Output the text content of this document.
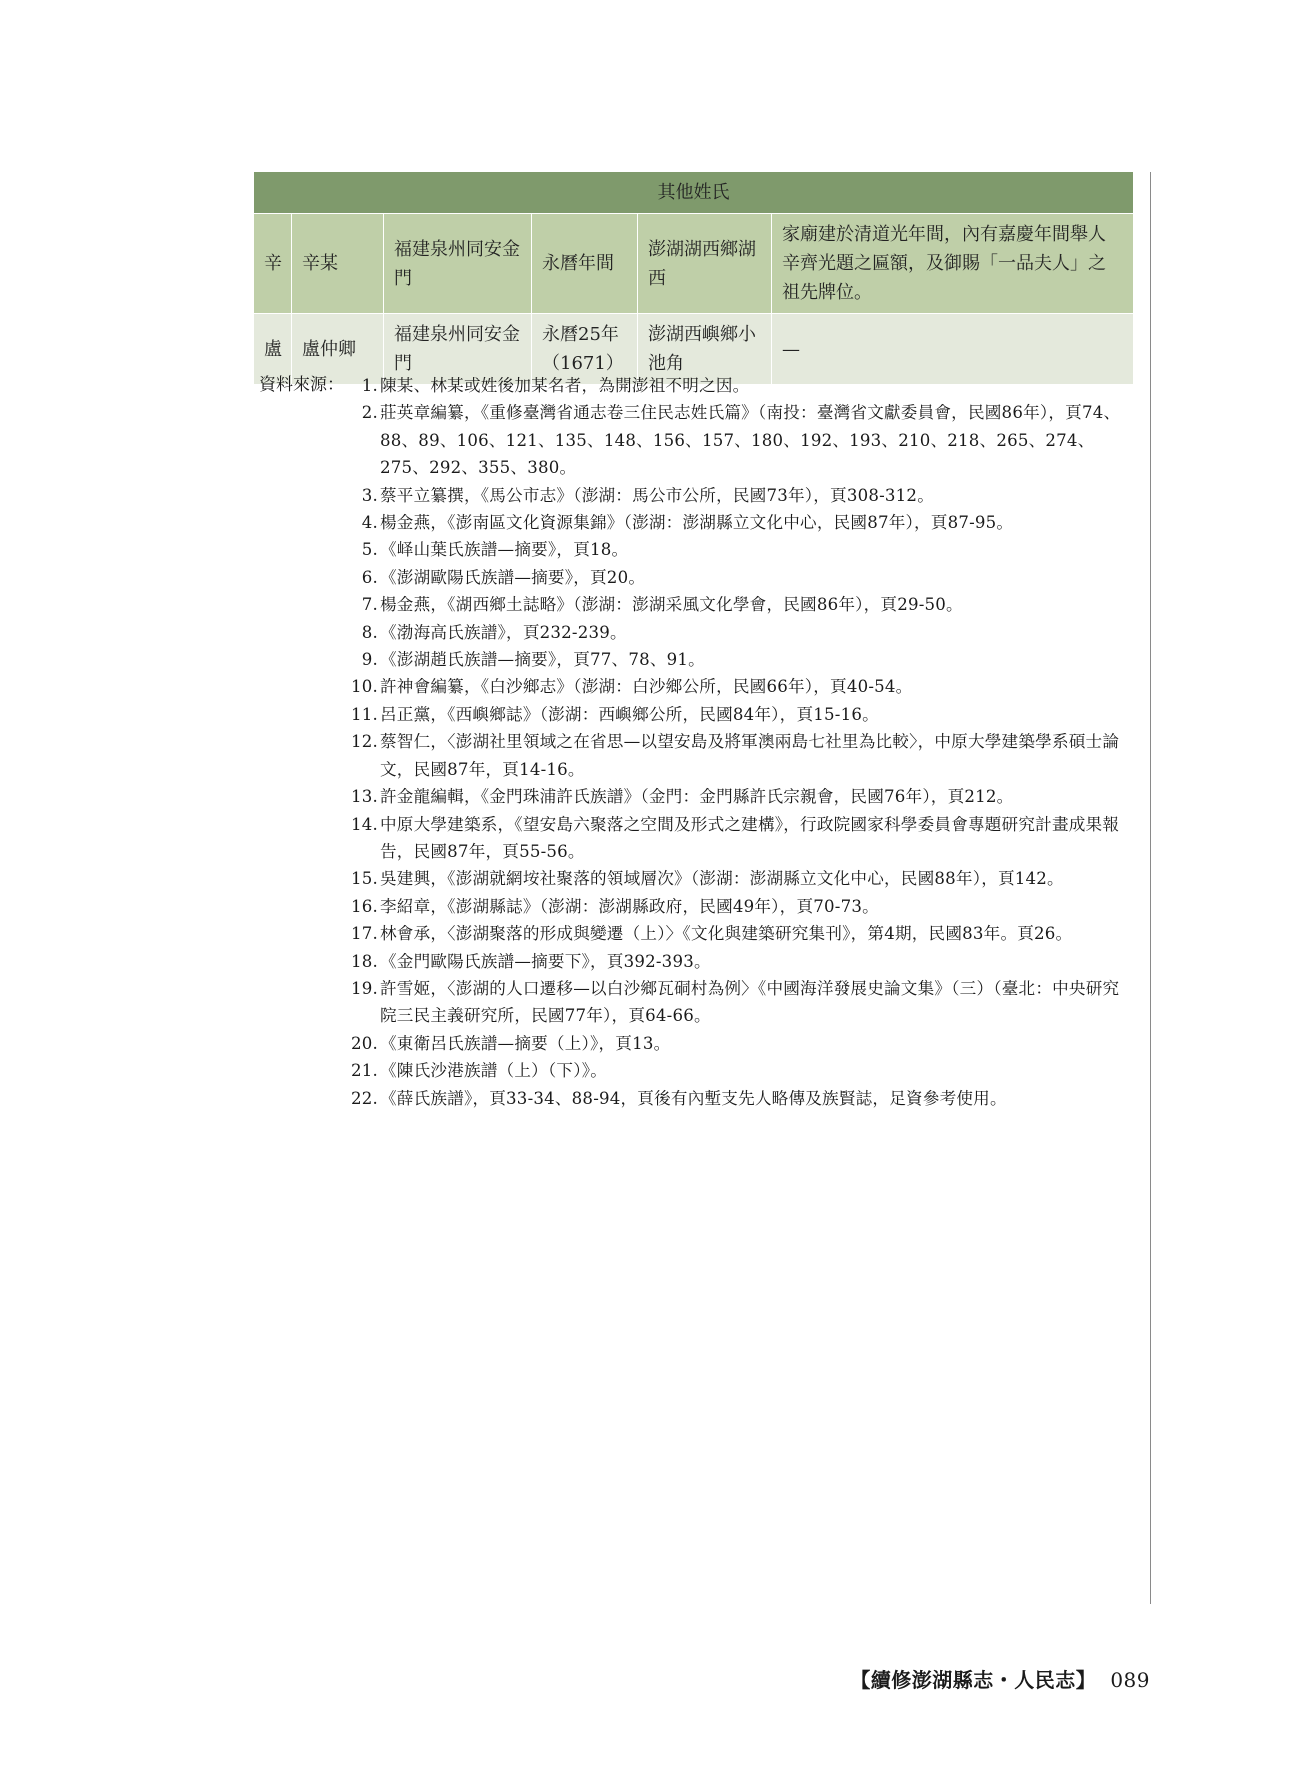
其他姓氏					
辛	辛某	福建泉州同安金門	永曆年間	澎湖湖西鄉湖西	家廟建於清道光年間，內有嘉慶年間舉人辛齊光題之匾額，及御賜「一品夫人」之祖先牌位。
盧	盧仲卿	福建泉州同安金門	永曆25年（1671）	澎湖西嶼鄉小池角	—
資料來源：	1. 陳某、林某或姓後加某名者，為開澎祖不明之因。
2. 莊英章編纂，《重修臺灣省通志卷三住民志姓氏篇》（南投：臺灣省文獻委員會，民國86年），頁74、88、89、106、121、135、148、156、157、180、192、193、210、218、265、274、275、292、355、380。
3. 蔡平立纂撰，《馬公市志》（澎湖：馬公市公所，民國73年），頁308-312。
4. 楊金燕，《澎南區文化資源集錦》（澎湖：澎湖縣立文化中心，民國87年），頁87-95。
5. 《峄山葉氏族譜—摘要》，頁18。
6. 《澎湖歐陽氏族譜—摘要》，頁20。
7. 楊金燕，《湖西鄉土誌略》（澎湖：澎湖采風文化學會，民國86年），頁29-50。
8. 《渤海高氏族譜》，頁232-239。
9. 《澎湖趙氏族譜—摘要》，頁77、78、91。
10. 許神會編纂，《白沙鄉志》（澎湖：白沙鄉公所，民國66年），頁40-54。
11. 呂正黨，《西嶼鄉誌》（澎湖：西嶼鄉公所，民國84年），頁15-16。
12. 蔡智仁，〈澎湖社里領域之在省思—以望安島及將軍澳兩島七社里為比較〉，中原大學建築學系碩士論文，民國87年，頁14-16。
13. 許金龍編輯，《金門珠浦許氏族譜》（金門：金門縣許氏宗親會，民國76年），頁212。
14. 中原大學建築系，《望安島六聚落之空間及形式之建構》，行政院國家科學委員會專題研究計畫成果報告，民國87年，頁55-56。
15. 吳建興，《澎湖就網垵社聚落的領域層次》（澎湖：澎湖縣立文化中心，民國88年），頁142。
16. 李紹章，《澎湖縣誌》（澎湖：澎湖縣政府，民國49年），頁70-73。
17. 林會承，〈澎湖聚落的形成與變遷（上）〉《文化與建築研究集刊》，第4期，民國83年。頁26。
18. 《金門歐陽氏族譜—摘要下》，頁392-393。
19. 許雪姬，〈澎湖的人口遷移—以白沙鄉瓦硐村為例〉《中國海洋發展史論文集》（三）（臺北：中央研究院三民主義研究所，民國77年），頁64-66。
20. 《東衛呂氏族譜—摘要（上）》，頁13。
21. 《陳氏沙港族譜（上）（下）》。
22. 《薛氏族譜》，頁33-34、88-94，頁後有內塹支先人略傳及族賢誌，足資參考使用。
【續修澎湖縣志・人民志】 089
